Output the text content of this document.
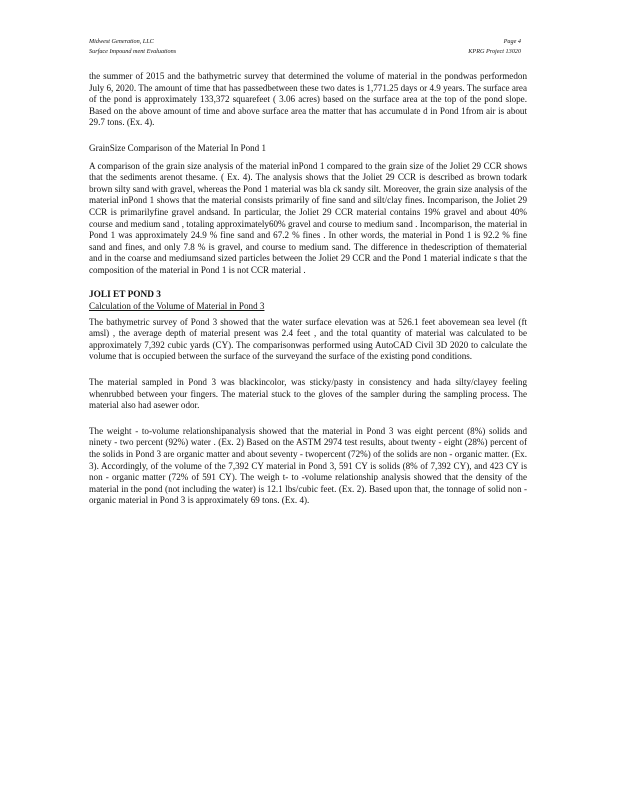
Midwest Generation, LLC
Surface Impound ment Evaluations
Page 4
KPRG Project 13020

the summer of 2015 and the bathymetric survey that determined the volume of material in the pondwas performedon July 6, 2020. The amount of time that has passedbetween these two dates is 1,771.25 days or 4.9 years. The surface area of the pond is approximately 133,372 squarefeet ( 3.06 acres) based on the surface area at the top of the pond slope. Based on the above amount of time and above surface area the matter that has accumulate d in Pond 1from air is about 29.7 tons. (Ex. 4).

GrainSize Comparison of the Material In Pond 1

A comparison of the grain size analysis of the material inPond 1 compared to the grain size of the Joliet 29 CCR shows that the sediments arenot thesame. ( Ex. 4). The analysis shows that the Joliet 29 CCR is described as brown todark brown silty sand with gravel, whereas the Pond 1 material was bla ck sandy silt. Moreover, the grain size analysis of the material inPond 1 shows that the material consists primarily of fine sand and silt/clay fines. Incomparison, the Joliet 29 CCR is primarilyfine gravel andsand. In particular, the Joliet 29 CCR material contains 19% gravel and about 40% course and medium sand , totaling approximately60% gravel and course to medium sand . Incomparison, the material in Pond 1 was approximately 24.9 % fine sand and 67.2 % fines . In other words, the material in Pond 1 is 92.2 % fine sand and fines, and only 7.8 % is gravel, and course to medium sand. The difference in thedescription of thematerial and in the coarse and mediumsand sized particles between the Joliet 29 CCR and the Pond 1 material indicate s that the composition of the material in Pond 1 is not CCR material .

JOLI ET POND 3

Calculation of the Volume of Material in Pond 3

The bathymetric survey of Pond 3 showed that the water surface elevation was at 526.1 feet abovemean sea level (ft amsl) , the average depth of material present was 2.4 feet , and the total quantity of material was calculated to be approximately 7,392 cubic yards (CY). The comparisonwas performed using AutoCAD Civil 3D 2020 to calculate the volume that is occupied between the surface of the surveyand the surface of the existing pond conditions.

The material sampled in Pond 3 was blackincolor, was sticky/pasty in consistency and hada silty/clayey feeling whenrubbed between your fingers. The material stuck to the gloves of the sampler during the sampling process. The material also had asewer odor.

The weight - to-volume relationshipanalysis showed that the material in Pond 3 was eight percent (8%) solids and ninety - two percent (92%) water . (Ex. 2) Based on the ASTM 2974 test results, about twenty - eight (28%) percent of the solids in Pond 3 are organic matter and about seventy - twopercent (72%) of the solids are non - organic matter. (Ex. 3). Accordingly, of the volume of the 7,392 CY material in Pond 3, 591 CY is solids (8% of 7,392 CY), and 423 CY is non - organic matter (72% of 591 CY). The weigh t- to -volume relationship analysis showed that the density of the material in the pond (not including the water) is 12.1 lbs/cubic feet. (Ex. 2). Based upon that, the tonnage of solid non - organic material in Pond 3 is approximately 69 tons. (Ex. 4).
